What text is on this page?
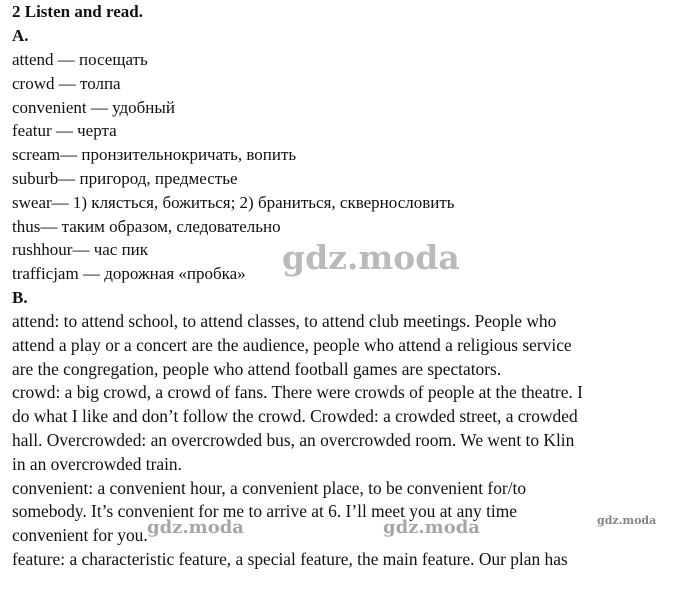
2 Listen and read.
A.
attend — посещать
crowd — толпа
convenient — удобный
featur — черта
scream— пронзительнокричать, вопить
suburb— пригород, предместье
swear— 1) клясться, божиться; 2) браниться, сквернословить
thus— таким образом, следовательно
rushhour— час пик
trafficjam — дорожная «пробка»
B.
attend: to attend school, to attend classes, to attend club meetings. People who
attend a play or a concert are the audience, people who attend a religious service
are the congregation, people who attend football games are spectators.
crowd: a big crowd, a crowd of fans. There were crowds of people at the theatre. I
do what I like and don’t follow the crowd. Crowded: a crowded street, a crowded
hall. Overcrowded: an overcrowded bus, an overcrowded room. We went to Klin
in an overcrowded train.
convenient: a convenient hour, a convenient place, to be convenient for/to
somebody. It’s convenient for me to arrive at 6. I’ll meet you at any time
convenient for you.
feature: a characteristic feature, a special feature, the main feature. Our plan has
gdz.moda
gdz.moda	gdz.moda	gdz.moda
